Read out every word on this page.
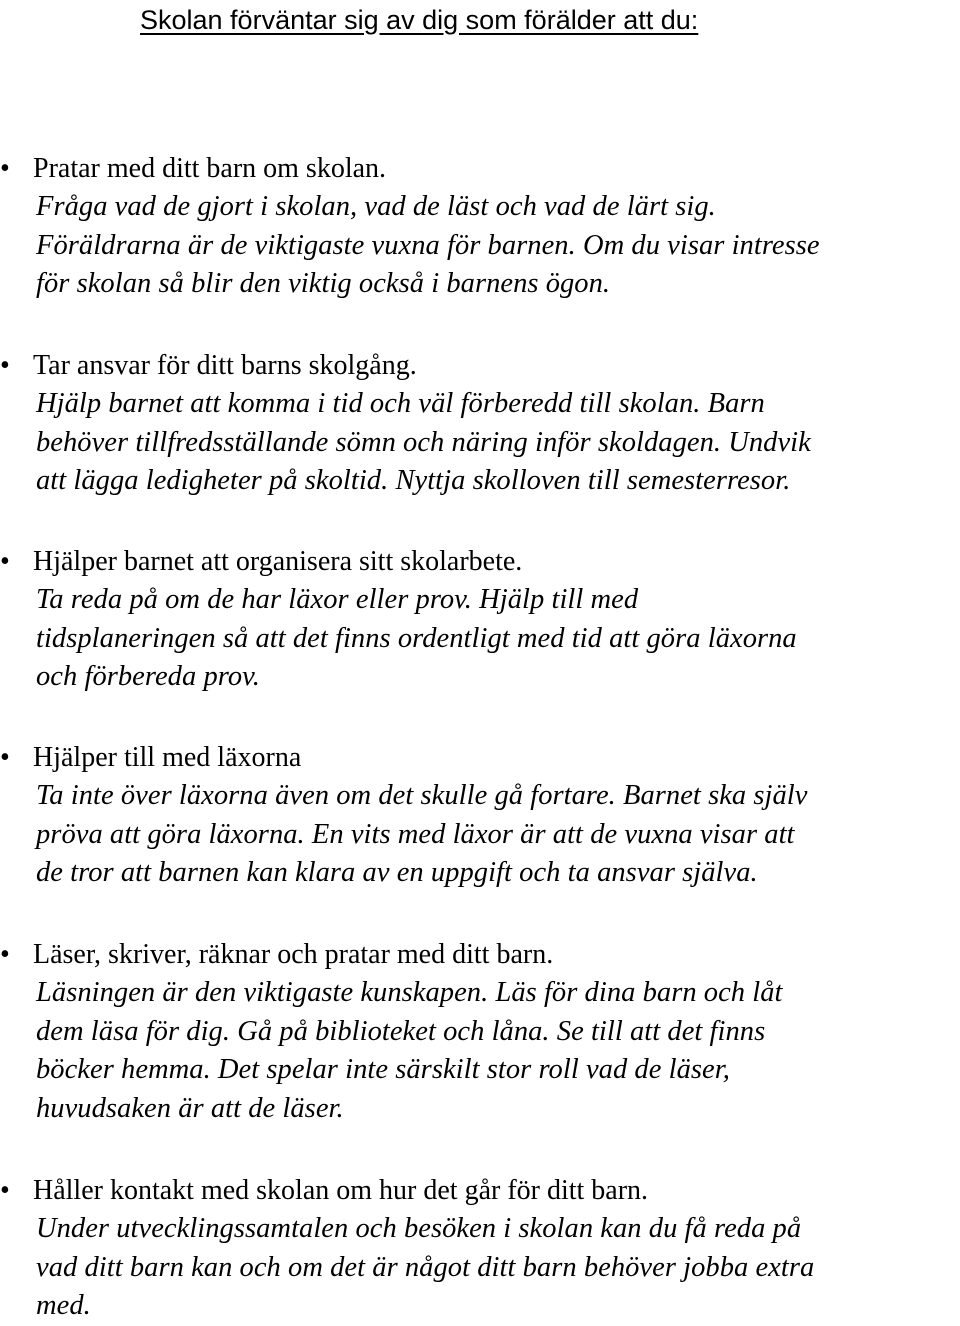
Skolan förväntar sig av dig som förälder att du:
• Pratar med ditt barn om skolan.
Fråga vad de gjort i skolan, vad de läst och vad de lärt sig.
Föräldrarna är de viktigaste vuxna för barnen. Om du visar intresse
för skolan så blir den viktig också i barnens ögon.
• Tar ansvar för ditt barns skolgång.
Hjälp barnet att komma i tid och väl förberedd till skolan. Barn
behöver tillfredsställande sömn och näring inför skoldagen. Undvik
att lägga ledigheter på skoltid. Nyttja skolloven till semesterresor.
• Hjälper barnet att organisera sitt skolarbete.
Ta reda på om de har läxor eller prov. Hjälp till med
tidsplaneringen så att det finns ordentligt med tid att göra läxorna
och förbereda prov.
• Hjälper till med läxorna
Ta inte över läxorna även om det skulle gå fortare. Barnet ska själv
pröva att göra läxorna. En vits med läxor är att de vuxna visar att
de tror att barnen kan klara av en uppgift och ta ansvar själva.
• Läser, skriver, räknar och pratar med ditt barn.
Läsningen är den viktigaste kunskapen. Läs för dina barn och låt
dem läsa för dig. Gå på biblioteket och låna. Se till att det finns
böcker hemma. Det spelar inte särskilt stor roll vad de läser,
huvudsaken är att de läser.
• Håller kontakt med skolan om hur det går för ditt barn.
Under utvecklingssamtalen och besöken i skolan kan du få reda på
vad ditt barn kan och om det är något ditt barn behöver jobba extra
med.
